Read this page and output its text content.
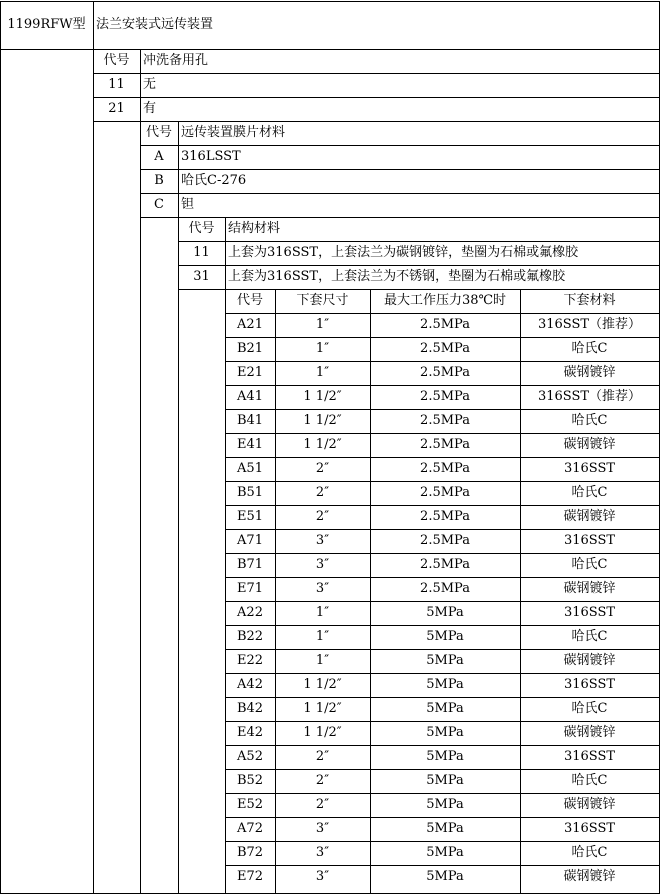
1199RFW型 法兰安装式远传装置
代号	冲洗备用孔
11	无
21	有
代号 远传装置膜片材料
A	316LSST
B	哈氏C-276
C	钽
代号	结构材料
11	上套为316SST，上套法兰为碳钢镀锌，垫圈为石棉或氟橡胶
31	上套为316SST，上套法兰为不锈钢，垫圈为石棉或氟橡胶
代号	下套尺寸	最大工作压力38℃时	下套材料
A21	1″	2.5MPa	316SST（推荐）
B21	1″	2.5MPa	哈氏C
E21	1″	2.5MPa	碳钢镀锌
A41	1 1/2″	2.5MPa	316SST（推荐）
B41	1 1/2″	2.5MPa	哈氏C
E41	1 1/2″	2.5MPa	碳钢镀锌
A51	2″	2.5MPa	316SST
B51	2″	2.5MPa	哈氏C
E51	2″	2.5MPa	碳钢镀锌
A71	3″	2.5MPa	316SST
B71	3″	2.5MPa	哈氏C
E71	3″	2.5MPa	碳钢镀锌
A22	1″	5MPa	316SST
B22	1″	5MPa	哈氏C
E22	1″	5MPa	碳钢镀锌
A42	1 1/2″	5MPa	316SST
B42	1 1/2″	5MPa	哈氏C
E42	1 1/2″	5MPa	碳钢镀锌
A52	2″	5MPa	316SST
B52	2″	5MPa	哈氏C
E52	2″	5MPa	碳钢镀锌
A72	3″	5MPa	316SST
B72	3″	5MPa	哈氏C
E72	3″	5MPa	碳钢镀锌
